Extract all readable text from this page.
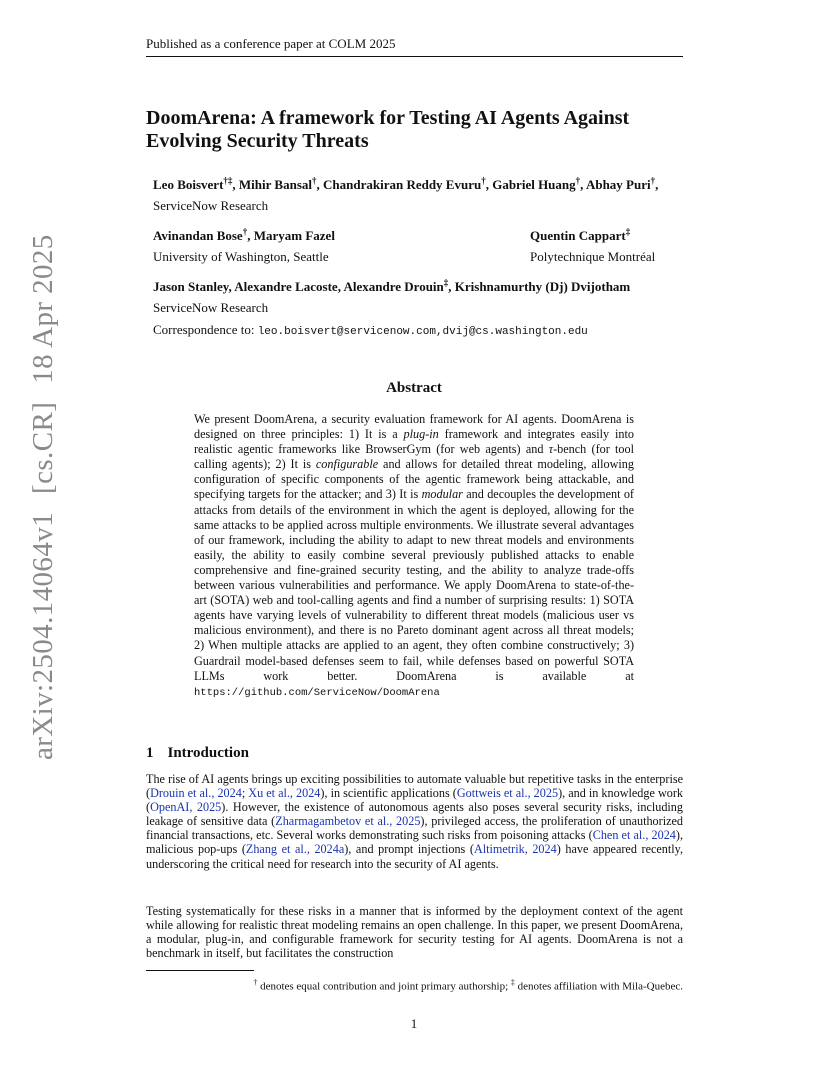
Published as a conference paper at COLM 2025
arXiv:2504.14064v1[cs.CR]18 Apr 2025
DoomArena: A framework for Testing AI Agents Against Evolving Security Threats
Leo Boisvert†‡, Mihir Bansal†, Chandrakiran Reddy Evuru†, Gabriel Huang†, Abhay Puri†,
ServiceNow Research
Avinandan Bose†, Maryam Fazel
University of Washington, Seattle
Quentin Cappart‡
Polytechnique Montréal
Jason Stanley, Alexandre Lacoste, Alexandre Drouin‡, Krishnamurthy (Dj) Dvijotham
ServiceNow Research
Correspondence to: leo.boisvert@servicenow.com,dvij@cs.washington.edu
Abstract
We present DoomArena, a security evaluation framework for AI agents. DoomArena is designed on three principles: 1) It is a plug-in framework and integrates easily into realistic agentic frameworks like BrowserGym (for web agents) and τ-bench (for tool calling agents); 2) It is configurable and allows for detailed threat modeling, allowing configuration of specific components of the agentic framework being attackable, and specifying targets for the attacker; and 3) It is modular and decouples the development of attacks from details of the environment in which the agent is deployed, allowing for the same attacks to be applied across multiple environments. We illustrate several advantages of our framework, including the ability to adapt to new threat models and environments easily, the ability to easily combine several previously published attacks to enable comprehensive and fine-grained security testing, and the ability to analyze trade-offs between various vulnerabilities and performance. We apply DoomArena to state-of-the-art (SOTA) web and tool-calling agents and find a number of surprising results: 1) SOTA agents have varying levels of vulnerability to different threat models (malicious user vs malicious environment), and there is no Pareto dominant agent across all threat models; 2) When multiple attacks are applied to an agent, they often combine constructively; 3) Guardrail model-based defenses seem to fail, while defenses based on powerful SOTA LLMs work better. DoomArena is available at https://github.com/ServiceNow/DoomArena
1 Introduction
The rise of AI agents brings up exciting possibilities to automate valuable but repetitive tasks in the enterprise (Drouin et al., 2024; Xu et al., 2024), in scientific applications (Gottweis et al., 2025), and in knowledge work (OpenAI, 2025). However, the existence of autonomous agents also poses several security risks, including leakage of sensitive data (Zharmagambetov et al., 2025), privileged access, the proliferation of unauthorized financial transactions, etc. Several works demonstrating such risks from poisoning attacks (Chen et al., 2024), malicious pop-ups (Zhang et al., 2024a), and prompt injections (Altimetrik, 2024) have appeared recently, underscoring the critical need for research into the security of AI agents.
Testing systematically for these risks in a manner that is informed by the deployment context of the agent while allowing for realistic threat modeling remains an open challenge. In this paper, we present DoomArena, a modular, plug-in, and configurable framework for security testing for AI agents. DoomArena is not a benchmark in itself, but facilitates the construction
† denotes equal contribution and joint primary authorship; ‡ denotes affiliation with Mila-Quebec.
1
